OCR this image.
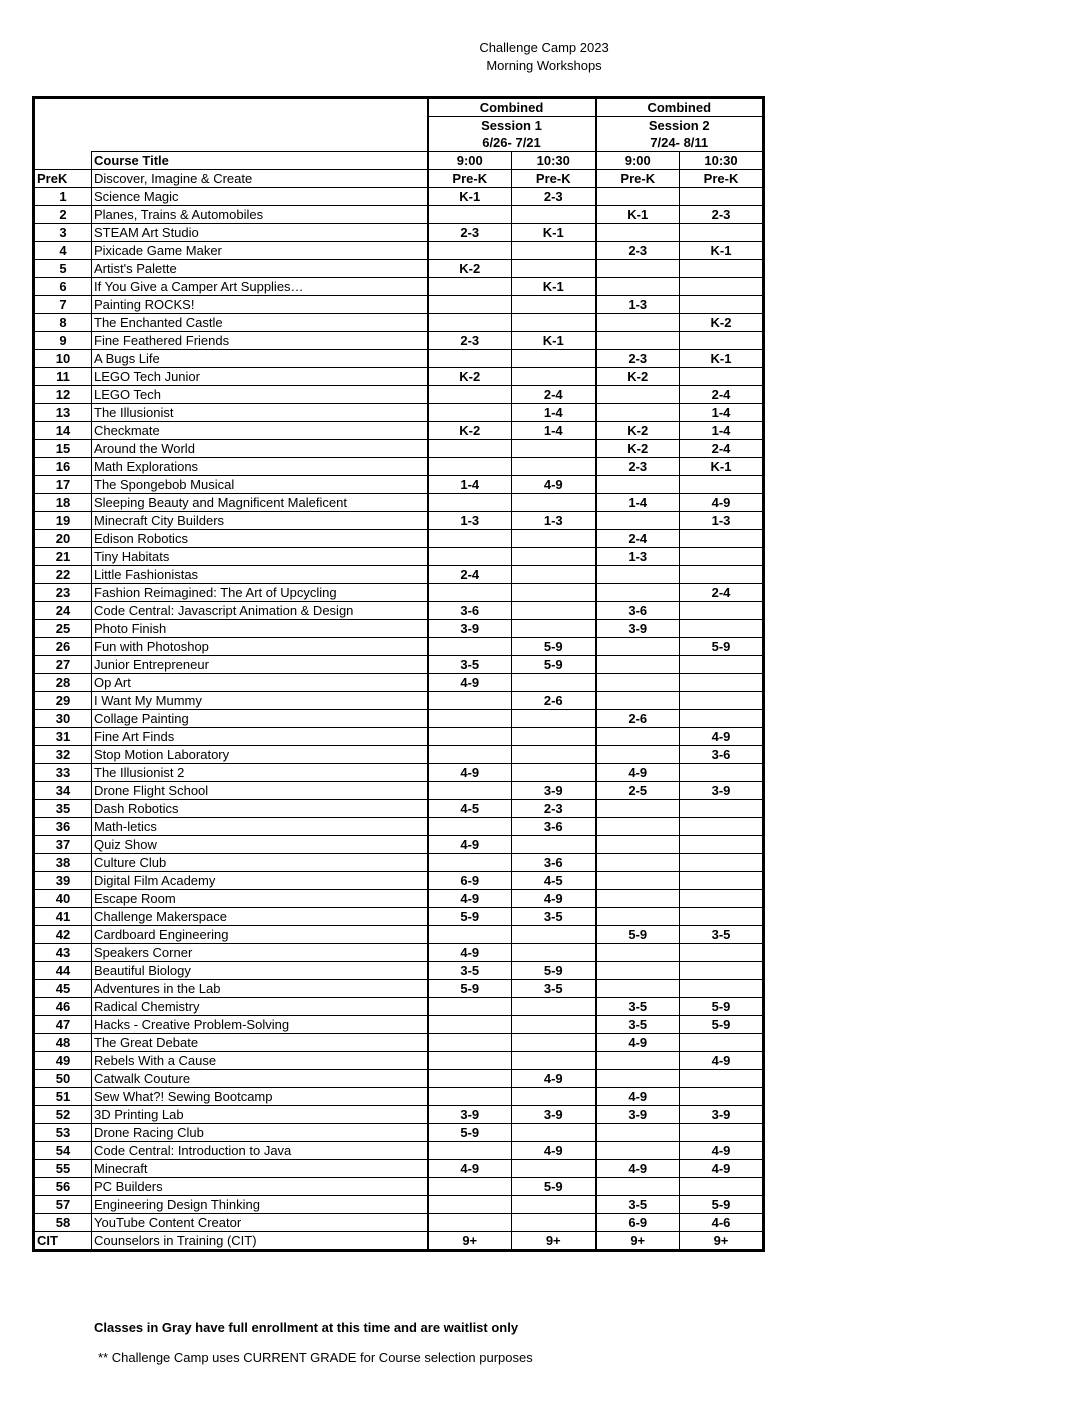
Challenge Camp 2023
Morning Workshops
		Combined		Combined	
		Session 1		Session 2	
		6/26- 7/21		7/24- 8/11	
	Course Title	9:00	10:30	9:00	10:30
PreK	Discover, Imagine & Create	Pre-K	Pre-K	Pre-K	Pre-K
1	Science Magic	K-1	2-3		
2	Planes, Trains & Automobiles			K-1	2-3
3	STEAM Art Studio	2-3	K-1		
4	Pixicade Game Maker			2-3	K-1
5	Artist's Palette	K-2			
6	If You Give a Camper Art Supplies…		K-1		
7	Painting ROCKS!			1-3	
8	The Enchanted Castle				K-2
9	Fine Feathered Friends	2-3	K-1		
10	A Bugs Life			2-3	K-1
11	LEGO Tech Junior	K-2		K-2	
12	LEGO Tech		2-4		2-4
13	The Illusionist		1-4		1-4
14	Checkmate	K-2	1-4	K-2	1-4
15	Around the World			K-2	2-4
16	Math Explorations			2-3	K-1
17	The Spongebob Musical	1-4	4-9		
18	Sleeping Beauty and Magnificent Maleficent			1-4	4-9
19	Minecraft City Builders	1-3	1-3		1-3
20	Edison Robotics			2-4	
21	Tiny Habitats			1-3	
22	Little Fashionistas	2-4			
23	Fashion Reimagined: The Art of Upcycling				2-4
24	Code Central: Javascript Animation & Design	3-6		3-6	
25	Photo Finish	3-9		3-9	
26	Fun with Photoshop		5-9		5-9
27	Junior Entrepreneur	3-5	5-9		
28	Op Art	4-9			
29	I Want My Mummy		2-6		
30	Collage Painting			2-6	
31	Fine Art Finds				4-9
32	Stop Motion Laboratory				3-6
33	The Illusionist 2	4-9		4-9	
34	Drone Flight School		3-9	2-5	3-9
35	Dash Robotics	4-5	2-3		
36	Math-letics		3-6		
37	Quiz Show	4-9			
38	Culture Club		3-6		
39	Digital Film Academy	6-9	4-5		
40	Escape Room	4-9	4-9		
41	Challenge Makerspace	5-9	3-5		
42	Cardboard Engineering			5-9	3-5
43	Speakers Corner	4-9			
44	Beautiful Biology	3-5	5-9		
45	Adventures in the Lab	5-9	3-5		
46	Radical Chemistry			3-5	5-9
47	Hacks - Creative Problem-Solving			3-5	5-9
48	The Great Debate			4-9	
49	Rebels With a Cause				4-9
50	Catwalk Couture		4-9		
51	Sew What?! Sewing Bootcamp			4-9	
52	3D Printing Lab	3-9	3-9	3-9	3-9
53	Drone Racing Club	5-9			
54	Code Central: Introduction to Java		4-9		4-9
55	Minecraft	4-9		4-9	4-9
56	PC Builders		5-9		
57	Engineering Design Thinking			3-5	5-9
58	YouTube Content Creator			6-9	4-6
CIT	Counselors in Training (CIT)	9+	9+	9+	9+
Classes in Gray have full enrollment at this time and are waitlist only
** Challenge Camp uses CURRENT GRADE for Course selection purposes
